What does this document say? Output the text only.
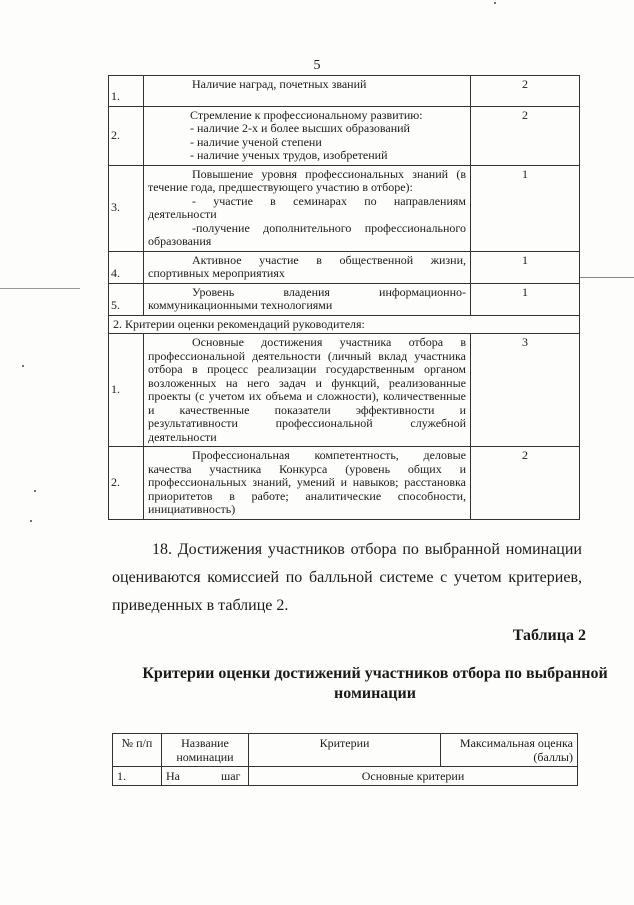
5
1.	Наличие наград, почетных званий	2
2.	Стремление к профессиональному развитию:
- наличие 2-х и более высших образований
- наличие ученой степени
- наличие ученых трудов, изобретений	2
3.	Повышение уровня профессиональных знаний (в течение года, предшествующего участию в отборе):
- участие в семинарах по направлениям деятельности
-получение дополнительного профессионального образования	1
4.	Активное участие в общественной жизни, спортивных мероприятиях	1
5.	Уровень владения информационно-коммуникационными технологиями	1
2. Критерии оценки рекомендаций руководителя:		
1.	Основные достижения участника отбора в профессиональной деятельности (личный вклад участника отбора в процесс реализации государственным органом возложенных на него задач и функций, реализованные проекты (с учетом их объема и сложности), количественные и качественные показатели эффективности и результативности профессиональной служебной деятельности	3
2.	Профессиональная компетентность, деловые качества участника Конкурса (уровень общих и профессиональных знаний, умений и навыков; расстановка приоритетов в работе; аналитические способности, инициативность)	2
18. Достижения участников отбора по выбранной номинации оцениваются комиссией по балльной системе с учетом критериев, приведенных в таблице 2.
Таблица 2
Критерии оценки достижений участников отбора по выбранной номинации
№ п/п	Название номинации	Критерии	Максимальная оценка (баллы)
1.	На шаг	Основные критерии	
